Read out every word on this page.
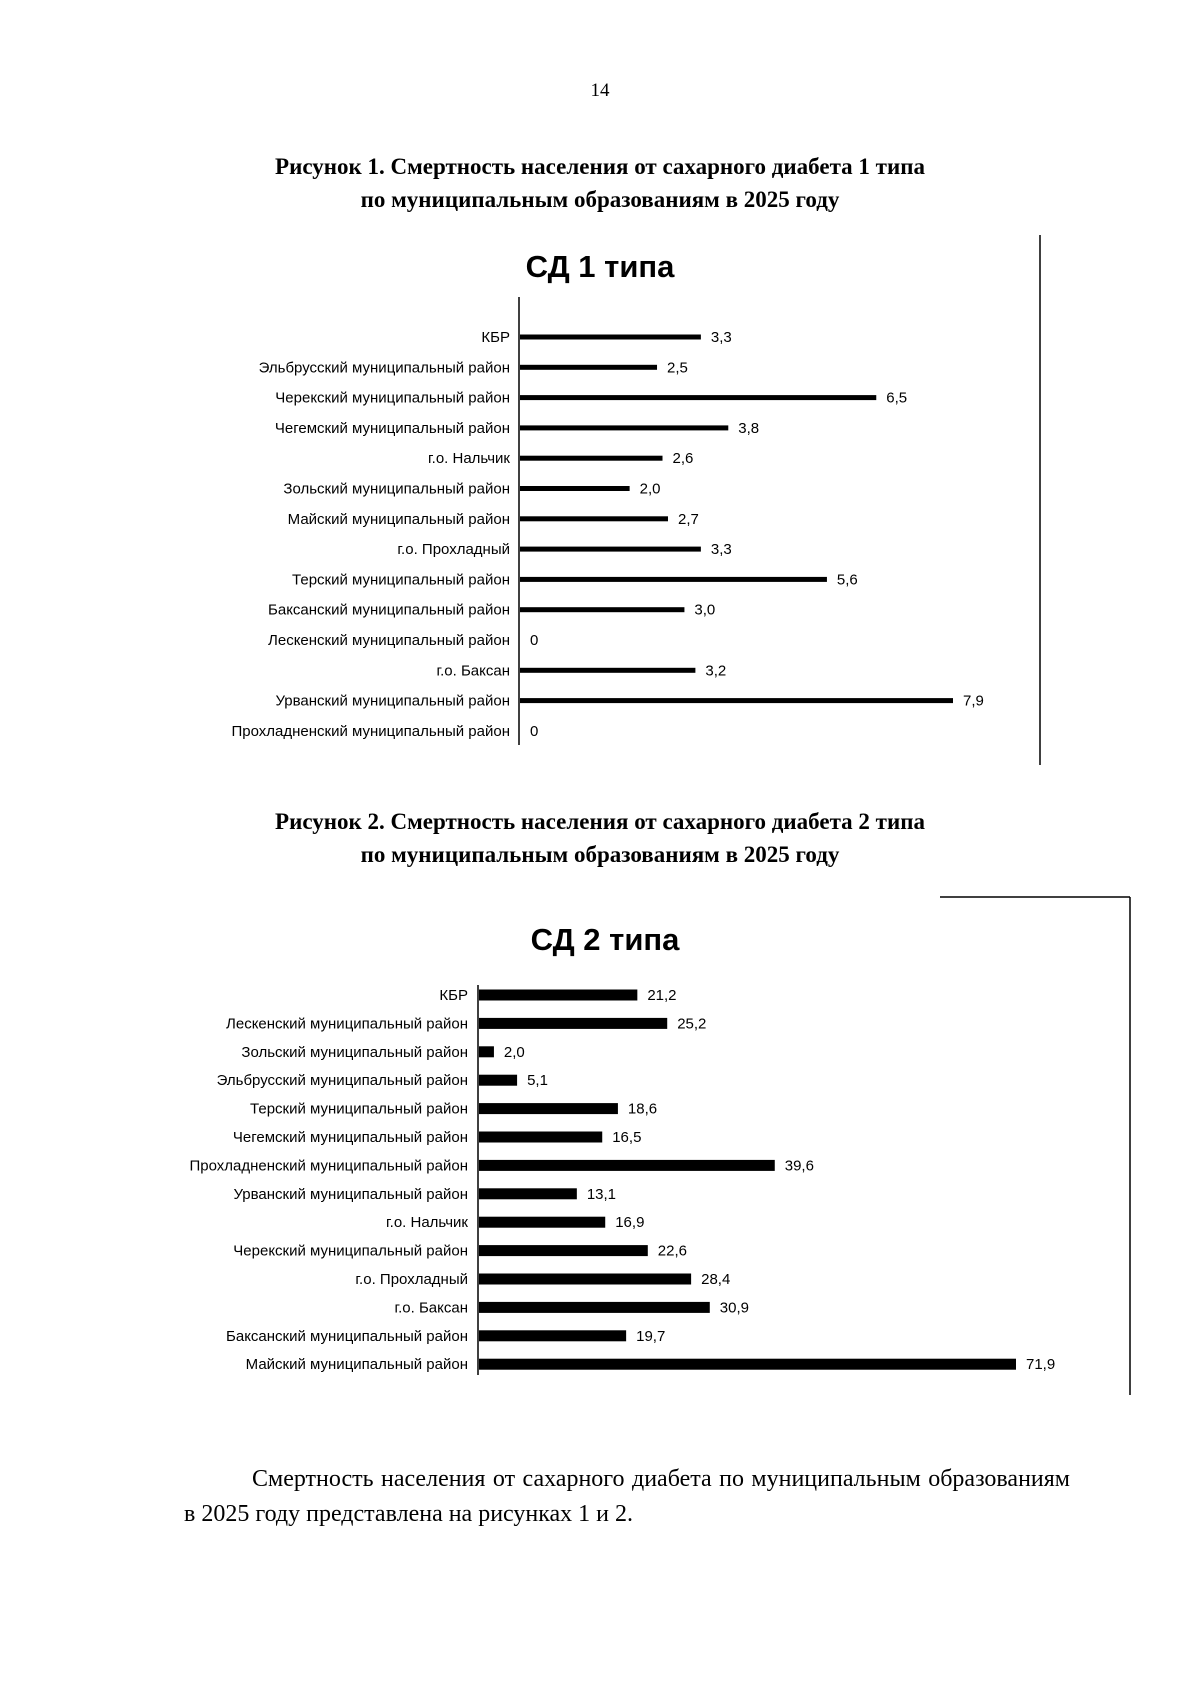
14
Рисунок 1. Смертность населения от сахарного диабета 1 типа
по муниципальным образованиям в 2025 году
СД 1 типа
КБР	3,3
Эльбрусский муниципальный район	2,5
Черекский муниципальный район	6,5
Чегемский муниципальный район	3,8
г.о. Нальчик	2,6
Зольский муниципальный район	2,0
Майский муниципальный район	2,7
г.о. Прохладный	3,3
Терский муниципальный район	5,6
Баксанский муниципальный район	3,0
Лескенский муниципальный район 0
г.о. Баксан	3,2
Урванский муниципальный район	7,9
Прохладненский муниципальный район 0
Рисунок 2. Смертность населения от сахарного диабета 2 типа
по муниципальным образованиям в 2025 году
СД 2 типа
КБР	21,2
Лескенский муниципальный район	25,2
Зольский муниципальный район 2,0
Эльбрусский муниципальный район	5,1
Терский муниципальный район	18,6
Чегемский муниципальный район	16,5
Прохладненский муниципальный район	39,6
Урванский муниципальный район	13,1
г.о. Нальчик	16,9
Черекский муниципальный район	22,6
г.о. Прохладный	28,4
г.о. Баксан	30,9
Баксанский муниципальный район	19,7
Майский муниципальный район	71,9

Смертность населения от сахарного диабета по муниципальным образованиям в 2025 году представлена на рисунках 1 и 2.
